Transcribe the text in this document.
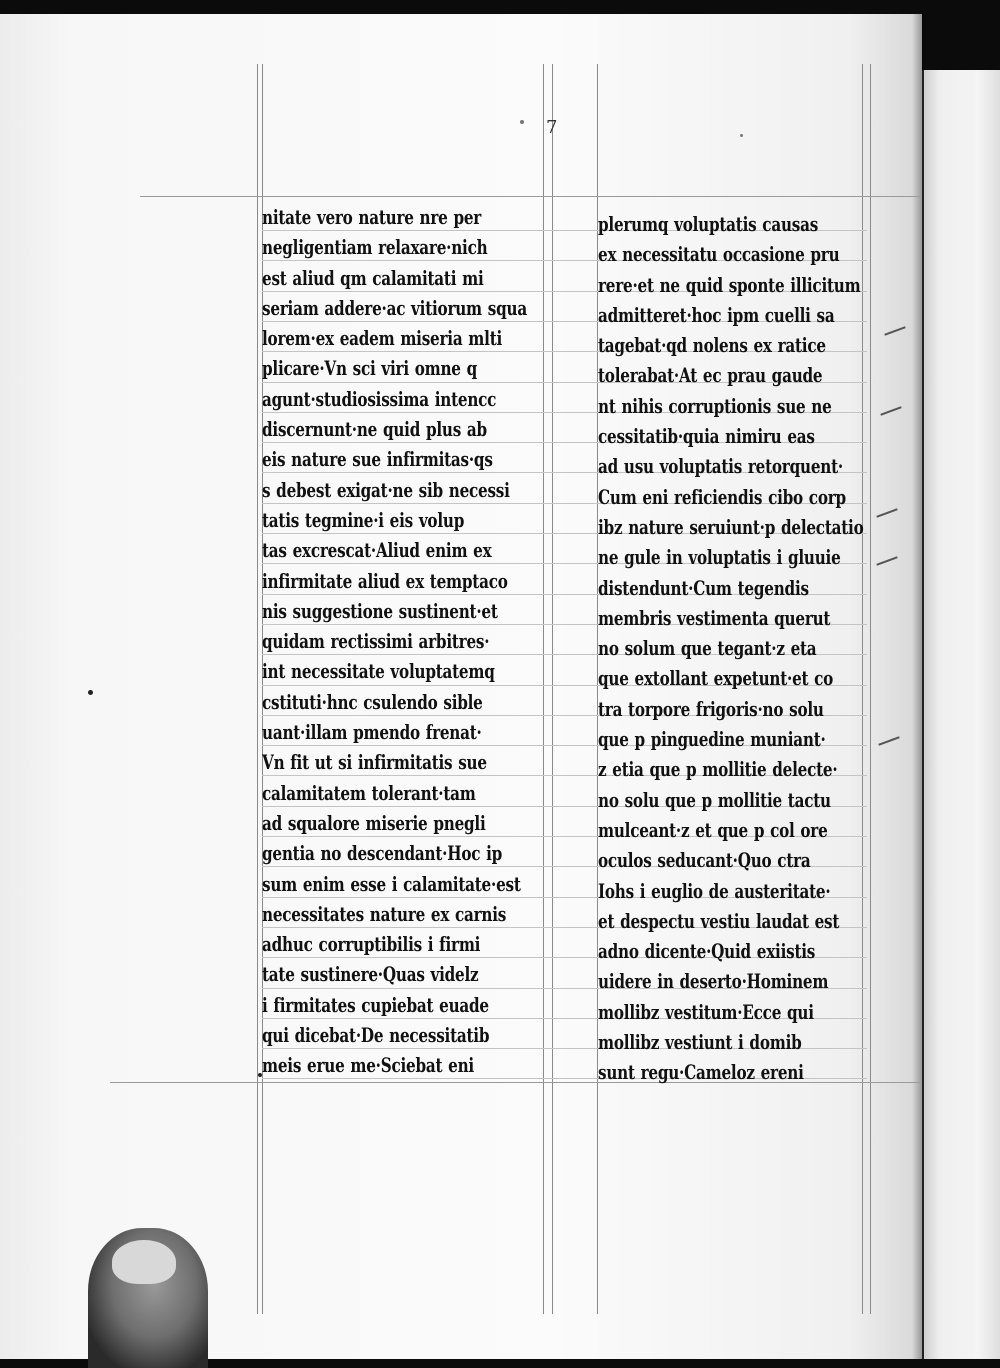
7
nitate vero nature nre per
negligentiam relaxare·nich
est aliud qm calamitati mi
seriam addere·ac vitiorum squa
lorem·ex eadem miseria mlti
plicare·Vn sci viri omne q
agunt·studiosissima intencc
discernunt·ne quid plus ab
eis nature sue infirmitas·qs
s debest exigat·ne sib necessi
tatis tegmine·i eis volup
tas excrescat·Aliud enim ex
infirmitate aliud ex temptaco
nis suggestione sustinent·et
quidam rectissimi arbitres·
int necessitate voluptatemq
cstituti·hnc csulendo sible
uant·illam pmendo frenat·
Vn fit ut si infirmitatis sue
calamitatem tolerant·tam
ad squalore miserie pnegli
gentia no descendant·Hoc ip
sum enim esse i calamitate·est
necessitates nature ex carnis
adhuc corruptibilis i firmi
tate sustinere·Quas videlz
i firmitates cupiebat euade
qui dicebat·De necessitatib
meis erue me·Sciebat eni
plerumq voluptatis causas
ex necessitatu occasione pru
rere·et ne quid sponte illicitum
admitteret·hoc ipm cuelli sa
tagebat·qd nolens ex ratice
tolerabat·At ec prau gaude
nt nihis corruptionis sue ne
cessitatib·quia nimiru eas
ad usu voluptatis retorquent·
Cum eni reficiendis cibo corp
ibz nature seruiunt·p delectatio
ne gule in voluptatis i gluuie
distendunt·Cum tegendis
membris vestimenta querut
no solum que tegant·z eta
que extollant expetunt·et co
tra torpore frigoris·no solu
que p pinguedine muniant·
z etia que p mollitie delecte·
no solu que p mollitie tactu
mulceant·z et que p col ore
oculos seducant·Quo ctra
Iohs i euglio de austeritate·
et despectu vestiu laudat est
adno dicente·Quid exiistis
uidere in deserto·Hominem
mollibz vestitum·Ecce qui
mollibz vestiunt i domib
sunt regu·Cameloz ereni
